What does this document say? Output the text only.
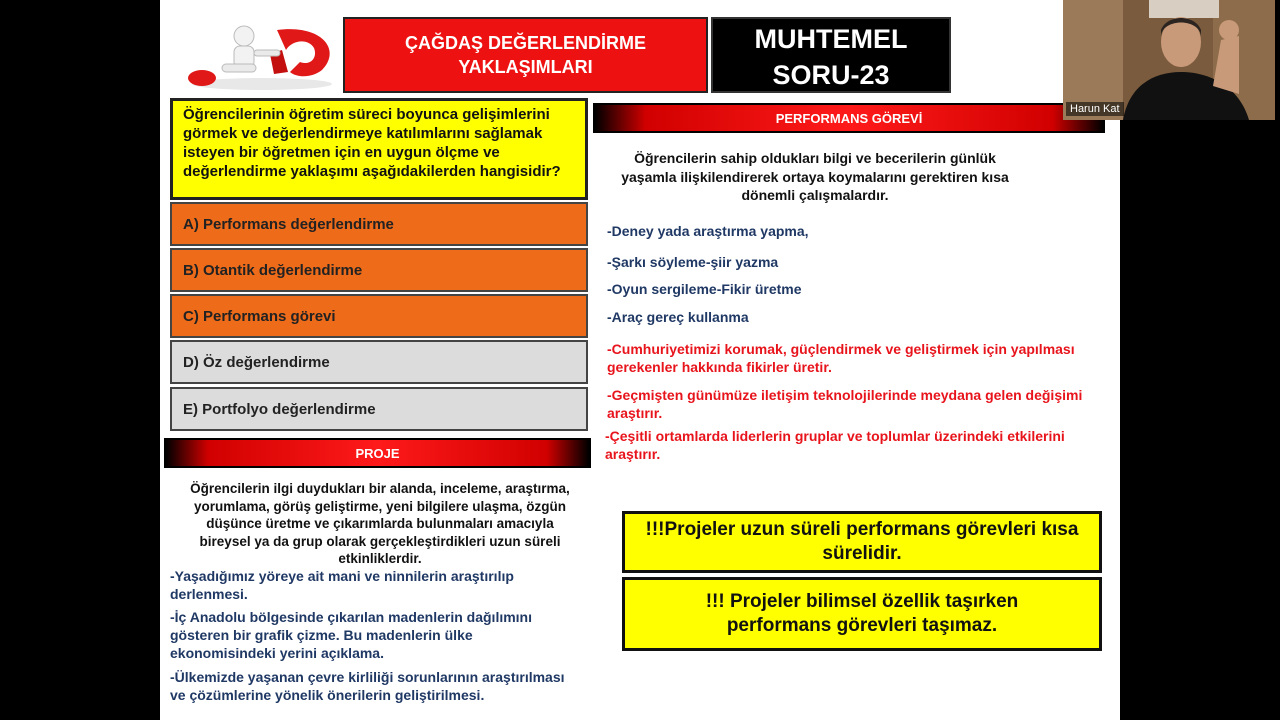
ÇAĞDAŞ DEĞERLENDİRME
YAKLAŞIMLARI
MUHTEMEL
SORU-23
Öğrencilerinin öğretim süreci boyunca gelişimlerini görmek ve değerlendirmeye katılımlarını sağlamak isteyen bir öğretmen için en uygun ölçme ve değerlendirme yaklaşımı aşağıdakilerden hangisidir?
A) Performans değerlendirme
B) Otantik değerlendirme
C) Performans görevi
D) Öz değerlendirme
E) Portfolyo değerlendirme
PROJE
Öğrencilerin ilgi duydukları bir alanda, inceleme, araştırma, yorumlama, görüş geliştirme, yeni bilgilere ulaşma, özgün düşünce üretme ve çıkarımlarda bulunmaları amacıyla bireysel ya da grup olarak gerçekleştirdikleri uzun süreli etkinliklerdir.
-Yaşadığımız yöreye ait mani ve ninnilerin araştırılıp derlenmesi.
-İç Anadolu bölgesinde çıkarılan madenlerin dağılımını gösteren bir grafik çizme. Bu madenlerin ülke ekonomisindeki yerini açıklama.
-Ülkemizde yaşanan çevre kirliliği sorunlarının araştırılması ve çözümlerine yönelik önerilerin geliştirilmesi.
PERFORMANS GÖREVİ
Öğrencilerin sahip oldukları bilgi ve becerilerin günlük yaşamla ilişkilendirerek ortaya koymalarını gerektiren kısa dönemli çalışmalardır.
-Deney yada araştırma yapma,
-Şarkı söyleme-şiir yazma
-Oyun sergileme-Fikir üretme
-Araç gereç kullanma
-Cumhuriyetimizi korumak, güçlendirmek ve geliştirmek için yapılması gerekenler hakkında fikirler üretir.
-Geçmişten günümüze iletişim teknolojilerinde meydana gelen değişimi araştırır.
-Çeşitli ortamlarda liderlerin gruplar ve toplumlar üzerindeki etkilerini araştırır.
!!!Projeler uzun süreli performans görevleri kısa sürelidir.
!!! Projeler bilimsel özellik taşırken performans görevleri taşımaz.
Harun Kat
